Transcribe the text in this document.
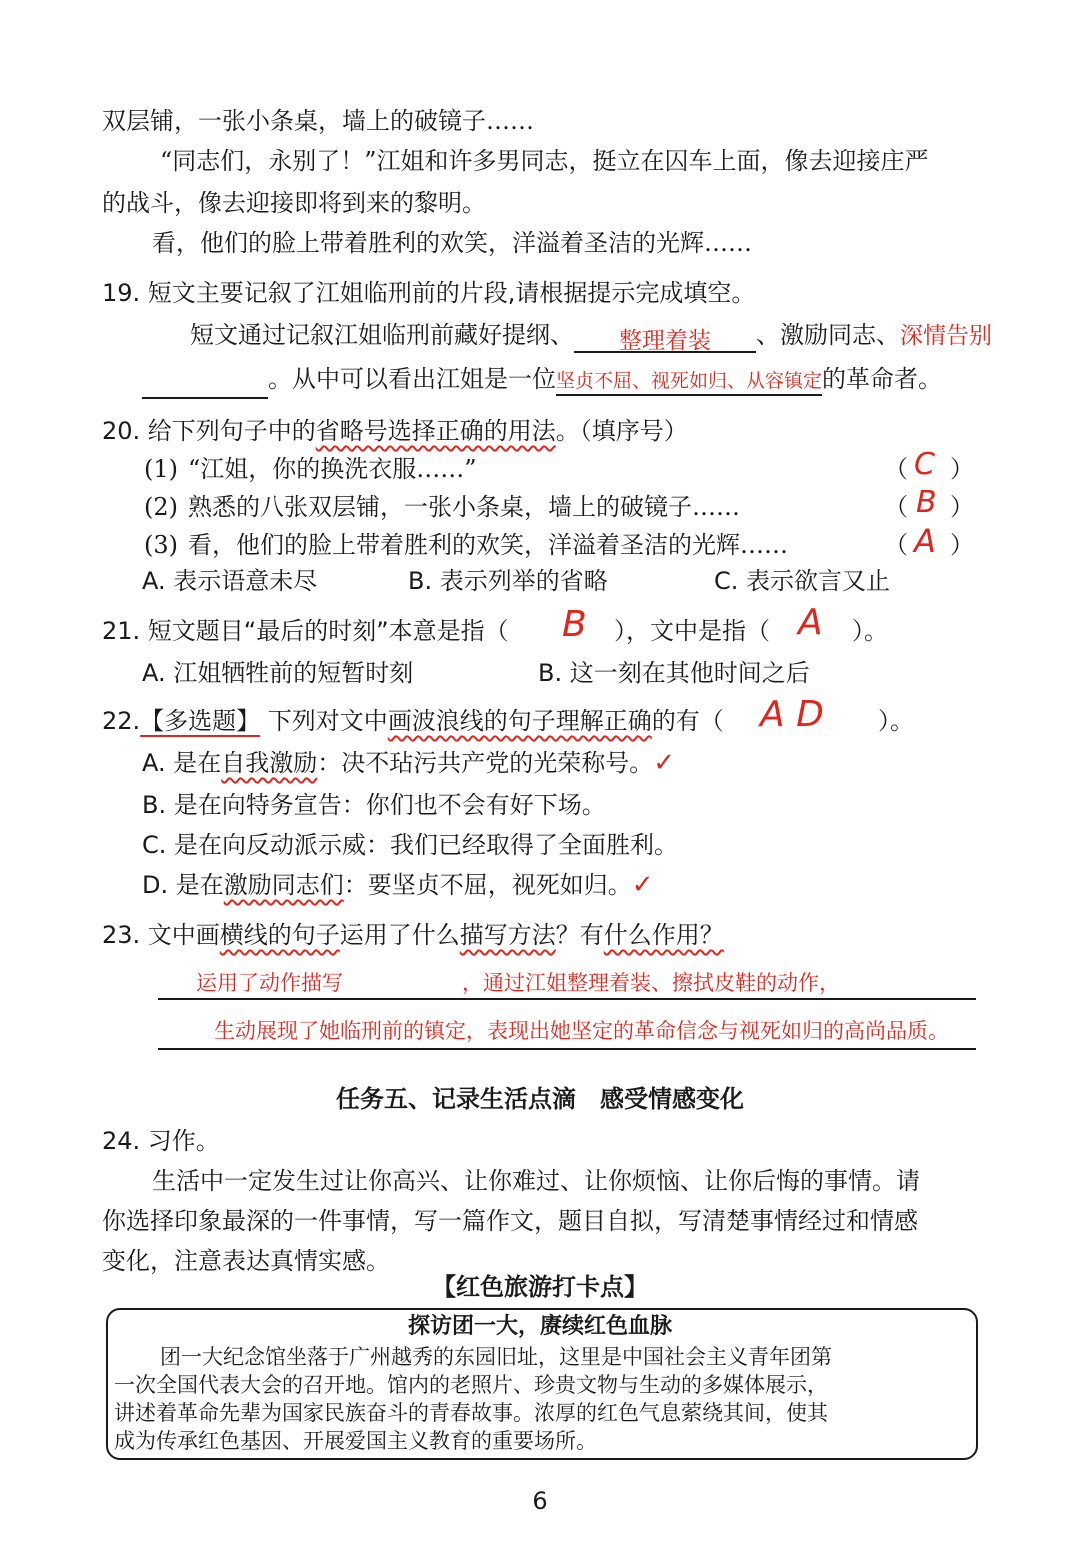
双层铺，一张小条桌，墙上的破镜子……
“同志们，永别了！”江姐和许多男同志，挺立在囚车上面，像去迎接庄严
的战斗，像去迎接即将到来的黎明。
看，他们的脸上带着胜利的欢笑，洋溢着圣洁的光辉……
19. 短文主要记叙了江姐临刑前的片段,请根据提示完成填空。
短文通过记叙江姐临刑前藏好提纲、 整理着装 、激励同志、深情告别
。从中可以看出江姐是一位坚贞不屈、视死如归、从容镇定的革命者。
20. 给下列句子中的省略号选择正确的用法。（填序号）
(1) “江姐，你的换洗衣服……”	（ C ）
(2) 熟悉的八张双层铺，一张小条桌，墙上的破镜子……	（ B ）
(3) 看，他们的脸上带着胜利的欢笑，洋溢着圣洁的光辉……	（ A ）
A. 表示语意未尽	B. 表示列举的省略	C. 表示欲言又止
21. 短文题目“最后的时刻”本意是指（ B ），文中是指（ A ）。
A. 江姐牺牲前的短暂时刻	B. 这一刻在其他时间之后
22.【多选题】 下列对文中画波浪线的句子理解正确的有（ A D ）。
A. 是在自我激励：决不玷污共产党的光荣称号。✓
B. 是在向特务宣告：你们也不会有好下场。
C. 是在向反动派示威：我们已经取得了全面胜利。
D. 是在激励同志们：要坚贞不屈，视死如归。✓
23. 文中画横线的句子运用了什么描写方法？有什么作用？
运用了动作描写	，通过江姐整理着装、擦拭皮鞋的动作，
生动展现了她临刑前的镇定，表现出她坚定的革命信念与视死如归的高尚品质。
任务五、记录生活点滴　感受情感变化
24. 习作。
生活中一定发生过让你高兴、让你难过、让你烦恼、让你后悔的事情。请
你选择印象最深的一件事情，写一篇作文，题目自拟，写清楚事情经过和情感
变化，注意表达真情实感。
【红色旅游打卡点】
探访团一大，赓续红色血脉
团一大纪念馆坐落于广州越秀的东园旧址，这里是中国社会主义青年团第
一次全国代表大会的召开地。馆内的老照片、珍贵文物与生动的多媒体展示，
讲述着革命先辈为国家民族奋斗的青春故事。浓厚的红色气息萦绕其间，使其
成为传承红色基因、开展爱国主义教育的重要场所。
6
